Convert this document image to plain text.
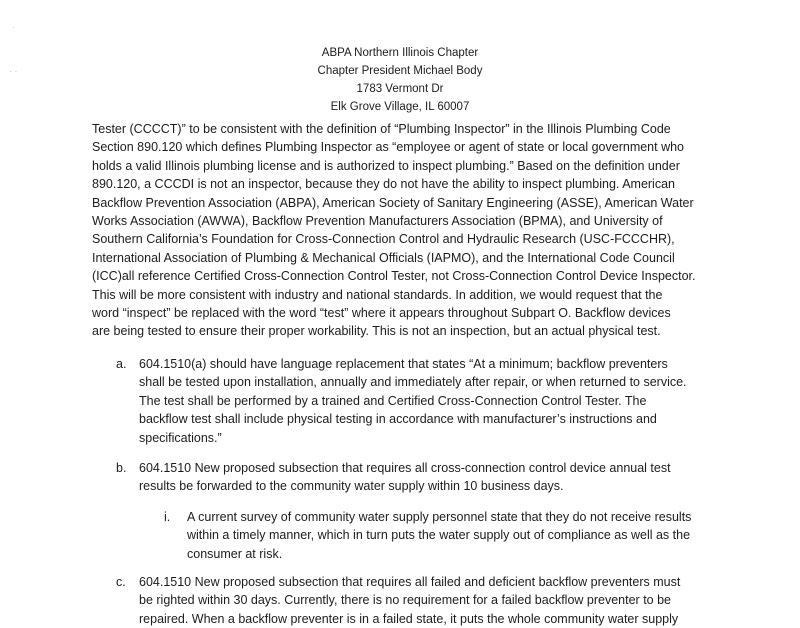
·
· ·
ABPA Northern Illinois Chapter
Chapter President Michael Body
1783 Vermont Dr
Elk Grove Village, IL 60007
Tester (CCCCT)” to be consistent with the definition of “Plumbing Inspector” in the Illinois Plumbing Code
Section 890.120 which defines Plumbing Inspector as “employee or agent of state or local government who
holds a valid Illinois plumbing license and is authorized to inspect plumbing.” Based on the definition under
890.120, a CCCDI is not an inspector, because they do not have the ability to inspect plumbing. American
Backflow Prevention Association (ABPA), American Society of Sanitary Engineering (ASSE), American Water
Works Association (AWWA), Backflow Prevention Manufacturers Association (BPMA), and University of
Southern California’s Foundation for Cross-Connection Control and Hydraulic Research (USC-FCCCHR),
International Association of Plumbing & Mechanical Officials (IAPMO), and the International Code Council
(ICC)all reference Certified Cross-Connection Control Tester, not Cross-Connection Control Device Inspector.
This will be more consistent with industry and national standards. In addition, we would request that the
word “inspect” be replaced with the word “test” where it appears throughout Subpart O. Backflow devices
are being tested to ensure their proper workability. This is not an inspection, but an actual physical test.
a. 604.1510(a) should have language replacement that states “At a minimum; backflow preventers
shall be tested upon installation, annually and immediately after repair, or when returned to service.
The test shall be performed by a trained and Certified Cross-Connection Control Tester. The
backflow test shall include physical testing in accordance with manufacturer’s instructions and
specifications.”
b. 604.1510 New proposed subsection that requires all cross-connection control device annual test
results be forwarded to the community water supply within 10 business days.
i. A current survey of community water supply personnel state that they do not receive results
within a timely manner, which in turn puts the water supply out of compliance as well as the
consumer at risk.
c. 604.1510 New proposed subsection that requires all failed and deficient backflow preventers must
be righted within 30 days. Currently, there is no requirement for a failed backflow preventer to be
repaired. When a backflow preventer is in a failed state, it puts the whole community water supply
